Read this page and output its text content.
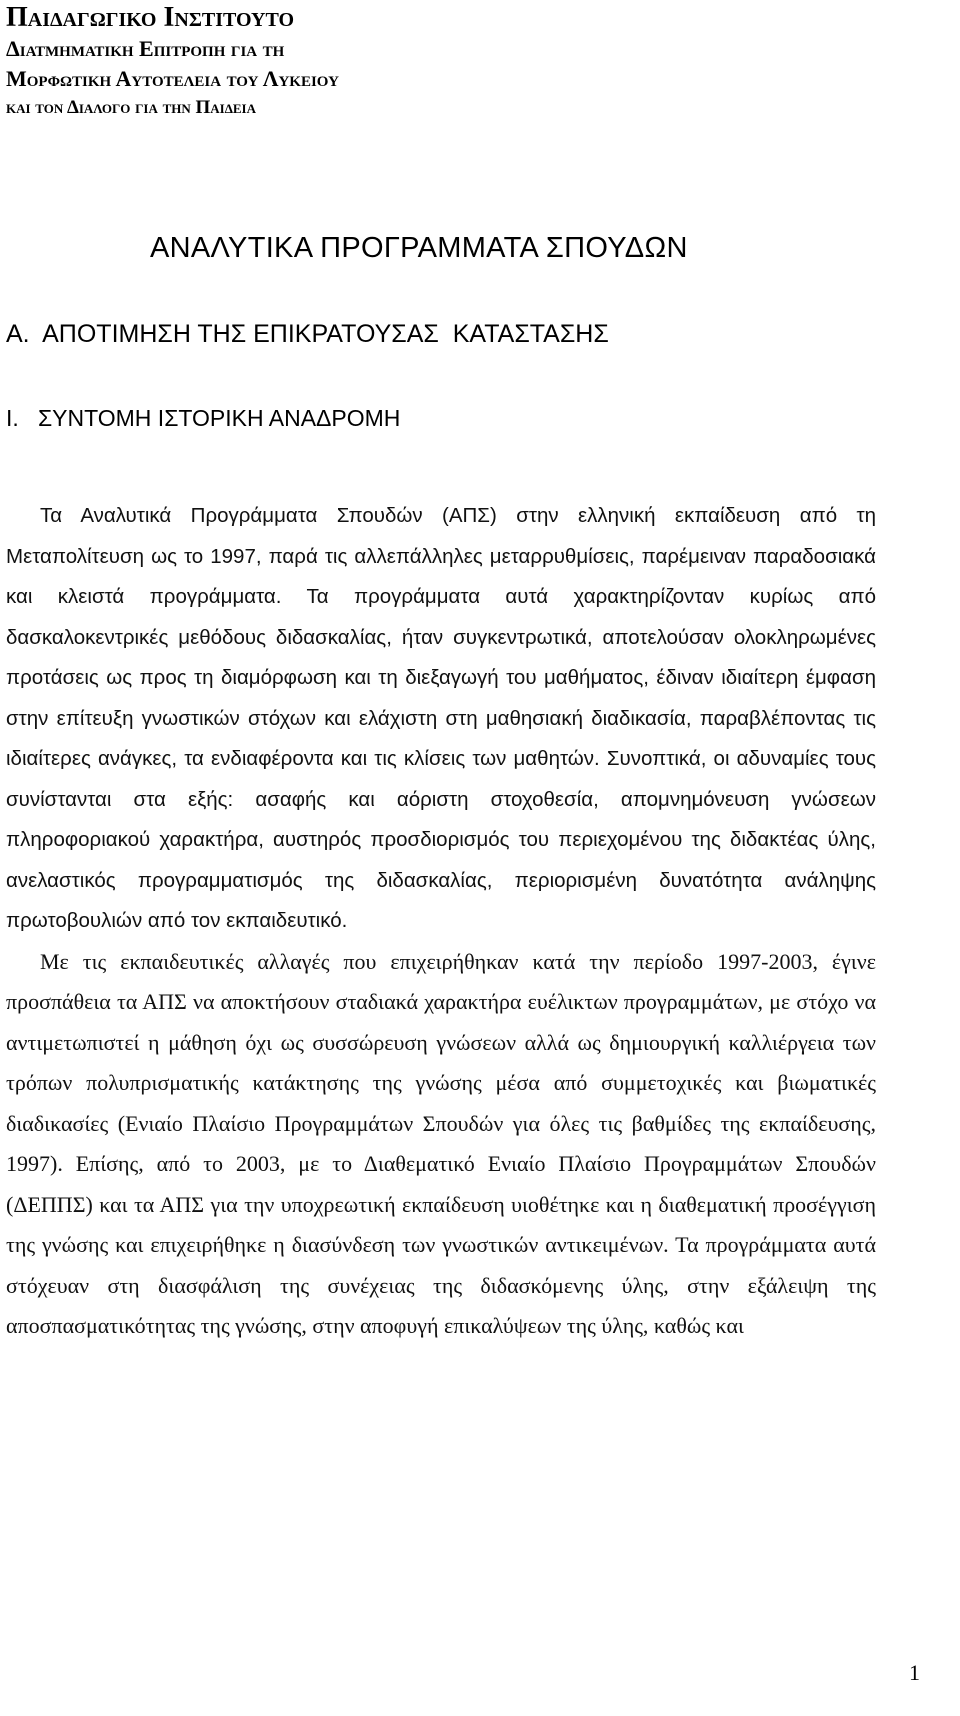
Παιδαγωγικο Ινστιτουτο
Διατμηματικη Επιτροπη για τη
Μορφωτικη Αυτοτελεια του Λυκειου
και τον Διαλογο για την Παιδεια
ΑΝΑΛΥΤΙΚΑ ΠΡΟΓΡΑΜΜΑΤΑ ΣΠΟΥΔΩΝ
Α.  ΑΠΟΤΙΜΗΣΗ ΤΗΣ ΕΠΙΚΡΑΤΟΥΣΑΣ  ΚΑΤΑΣΤΑΣΗΣ
Ι.   ΣΥΝΤΟΜΗ ΙΣΤΟΡΙΚΗ ΑΝΑΔΡΟΜΗ

Τα Αναλυτικά Προγράμματα Σπουδών (ΑΠΣ) στην ελληνική εκπαίδευση από τη Μεταπολίτευση ως το 1997, παρά τις αλλεπάλληλες μεταρρυθμίσεις, παρέμειναν παραδοσιακά και κλειστά προγράμματα. Τα προγράμματα αυτά χαρακτηρίζονταν κυρίως από δασκαλοκεντρικές μεθόδους διδασκαλίας, ήταν συγκεντρωτικά, αποτελούσαν ολοκληρωμένες προτάσεις ως προς τη διαμόρφωση και τη διεξαγωγή του μαθήματος, έδιναν ιδιαίτερη έμφαση στην επίτευξη γνωστικών στόχων και ελάχιστη στη μαθησιακή διαδικασία, παραβλέποντας τις ιδιαίτερες ανάγκες, τα ενδιαφέροντα και τις κλίσεις των μαθητών. Συνοπτικά, οι αδυναμίες τους συνίστανται στα εξής: ασαφής και αόριστη στοχοθεσία, απομνημόνευση γνώσεων πληροφοριακού χαρακτήρα, αυστηρός προσδιορισμός του περιεχομένου της διδακτέας ύλης, ανελαστικός προγραμματισμός της διδασκαλίας, περιορισμένη δυνατότητα ανάληψης πρωτοβουλιών από τον εκπαιδευτικό.

Με τις εκπαιδευτικές αλλαγές που επιχειρήθηκαν κατά την περίοδο 1997-2003, έγινε προσπάθεια τα ΑΠΣ να αποκτήσουν σταδιακά χαρακτήρα ευέλικτων προγραμμάτων, με στόχο να αντιμετωπιστεί η μάθηση όχι ως συσσώρευση γνώσεων αλλά ως δημιουργική καλλιέργεια των τρόπων πολυπρισματικής κατάκτησης της γνώσης μέσα από συμμετοχικές και βιωματικές διαδικασίες (Ενιαίο Πλαίσιο Προγραμμάτων Σπουδών για όλες τις βαθμίδες της εκπαίδευσης, 1997). Επίσης, από το 2003, με το Διαθεματικό Ενιαίο Πλαίσιο Προγραμμάτων Σπουδών (ΔΕΠΠΣ) και τα ΑΠΣ για την υποχρεωτική εκπαίδευση υιοθέτηκε και η διαθεματική προσέγγιση της γνώσης και επιχειρήθηκε η διασύνδεση των γνωστικών αντικειμένων. Τα προγράμματα αυτά στόχευαν στη διασφάλιση της συνέχειας της διδασκόμενης ύλης, στην εξάλειψη της αποσπασματικότητας της γνώσης, στην αποφυγή επικαλύψεων της ύλης, καθώς και

1
